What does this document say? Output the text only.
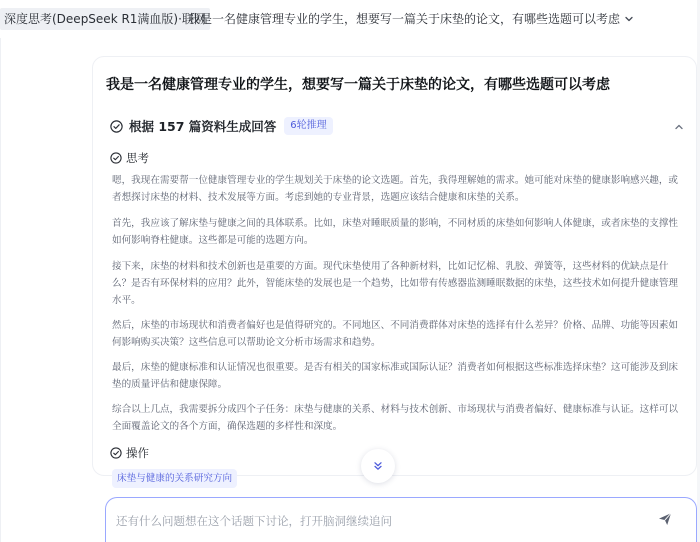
深度思考(DeepSeek R1满血版)·联网
我是一名健康管理专业的学生，想要写一篇关于床垫的论文，有哪些选题可以考虑
我是一名健康管理专业的学生，想要写一篇关于床垫的论文，有哪些选题可以考虑
根据 157 篇资料生成回答	6轮推理
思考

嗯，我现在需要帮一位健康管理专业的学生规划关于床垫的论文选题。首先，我得理解她的需求。她可能对床垫的健康影响感兴趣，或者想探讨床垫的材料、技术发展等方面。考虑到她的专业背景，选题应该结合健康和床垫的关系。

首先，我应该了解床垫与健康之间的具体联系。比如，床垫对睡眠质量的影响，不同材质的床垫如何影响人体健康，或者床垫的支撑性如何影响脊柱健康。这些都是可能的选题方向。

接下来，床垫的材料和技术创新也是重要的方面。现代床垫使用了各种新材料，比如记忆棉、乳胶、弹簧等，这些材料的优缺点是什么？是否有环保材料的应用？此外，智能床垫的发展也是一个趋势，比如带有传感器监测睡眠数据的床垫，这些技术如何提升健康管理水平。

然后，床垫的市场现状和消费者偏好也是值得研究的。不同地区、不同消费群体对床垫的选择有什么差异？价格、品牌、功能等因素如何影响购买决策？这些信息可以帮助论文分析市场需求和趋势。

最后，床垫的健康标准和认证情况也很重要。是否有相关的国家标准或国际认证？消费者如何根据这些标准选择床垫？这可能涉及到床垫的质量评估和健康保障。

综合以上几点，我需要拆分成四个子任务：床垫与健康的关系、材料与技术创新、市场现状与消费者偏好、健康标准与认证。这样可以全面覆盖论文的各个方面，确保选题的多样性和深度。

操作
床垫与健康的关系研究方向
还有什么问题想在这个话题下讨论，打开脑洞继续追问
